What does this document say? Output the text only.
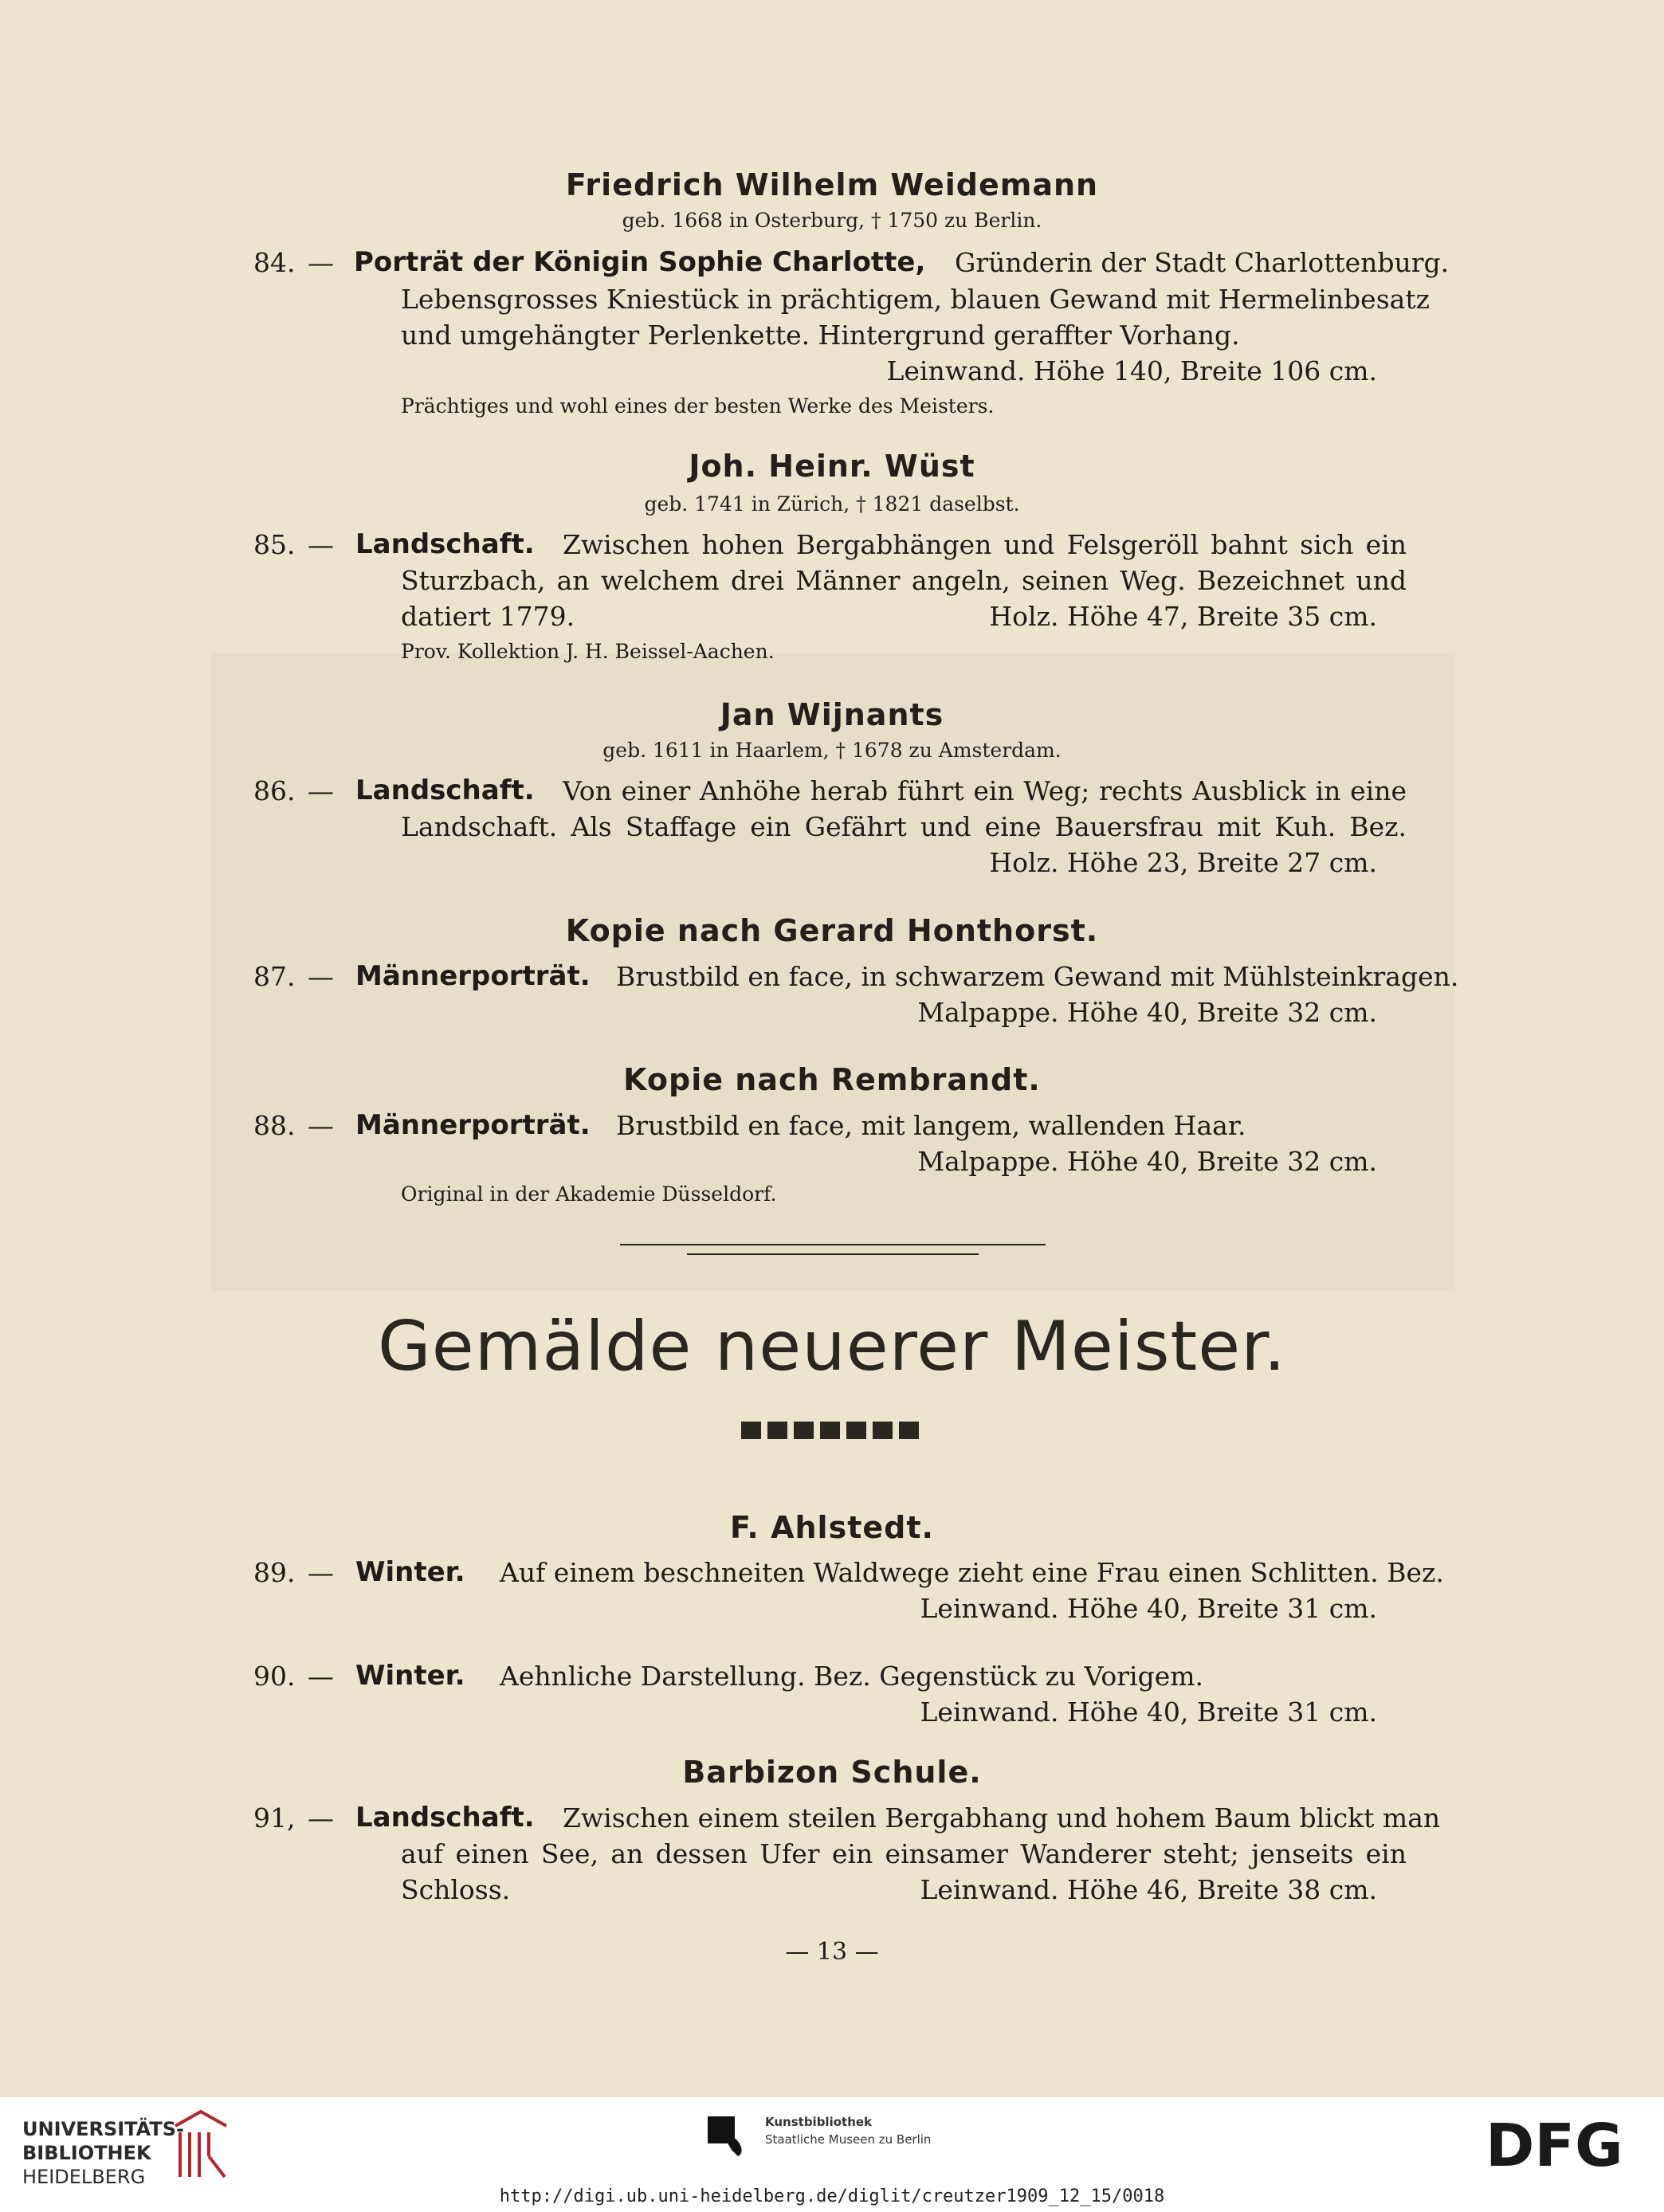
Friedrich Wilhelm Weidemann
geb. 1668 in Osterburg, † 1750 zu Berlin.
84. — Porträt der Königin Sophie Charlotte, Gründerin der Stadt Charlottenburg.
Lebensgrosses Kniestück in prächtigem, blauen Gewand mit Hermelinbesatz
und umgehängter Perlenkette. Hintergrund geraffter Vorhang.
Leinwand. Höhe 140, Breite 106 cm.
Prächtiges und wohl eines der besten Werke des Meisters.
Joh. Heinr. Wüst
geb. 1741 in Zürich, † 1821 daselbst.
85. — Landschaft. Zwischen hohen Bergabhängen und Felsgeröll bahnt sich ein
Sturzbach, an welchem drei Männer angeln, seinen Weg. Bezeichnet und
datiert 1779.	Holz. Höhe 47, Breite 35 cm.
Prov. Kollektion J. H. Beissel-Aachen.
Jan Wijnants
geb. 1611 in Haarlem, † 1678 zu Amsterdam.
86. — Landschaft. Von einer Anhöhe herab führt ein Weg; rechts Ausblick in eine
Landschaft. Als Staffage ein Gefährt und eine Bauersfrau mit Kuh. Bez.
Holz. Höhe 23, Breite 27 cm.
Kopie nach Gerard Honthorst.
87. — Männerporträt. Brustbild en face, in schwarzem Gewand mit Mühlsteinkragen.
Malpappe. Höhe 40, Breite 32 cm.
Kopie nach Rembrandt.
88. — Männerporträt. Brustbild en face, mit langem, wallenden Haar.
Malpappe. Höhe 40, Breite 32 cm.
Original in der Akademie Düsseldorf.
Gemälde neuerer Meister.
F. Ahlstedt.
89. — Winter. Auf einem beschneiten Waldwege zieht eine Frau einen Schlitten. Bez.
Leinwand. Höhe 40, Breite 31 cm.
90. — Winter. Aehnliche Darstellung. Bez. Gegenstück zu Vorigem.
Leinwand. Höhe 40, Breite 31 cm.
Barbizon Schule.
91, — Landschaft. Zwischen einem steilen Bergabhang und hohem Baum blickt man
auf einen See, an dessen Ufer ein einsamer Wanderer steht; jenseits ein
Schloss.	Leinwand. Höhe 46, Breite 38 cm.
— 13 —
UNIVERSITÄTS-
BIBLIOTHEK
HEIDELBERG
Kunstbibliothek
Staatliche Museen zu Berlin	DFG
http://digi.ub.uni-heidelberg.de/diglit/creutzer1909_12_15/0018
